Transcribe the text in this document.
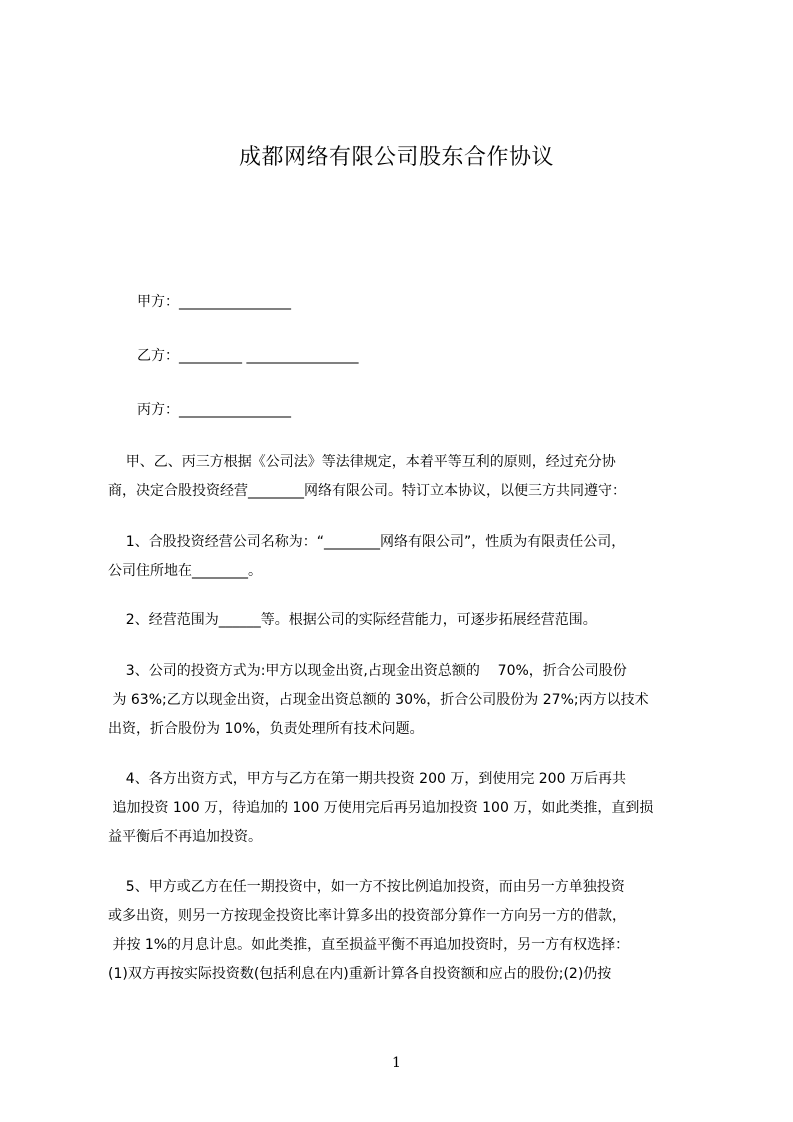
成都网络有限公司股东合作协议
甲方：________________
乙方：_________ ________________
丙方：________________
甲、乙、丙三方根据《公司法》等法律规定，本着平等互利的原则，经过充分协
商，决定合股投资经营________网络有限公司。特订立本协议，以便三方共同遵守：
1、合股投资经营公司名称为：“________网络有限公司”，性质为有限责任公司，
公司住所地在________。
2、经营范围为______等。根据公司的实际经营能力，可逐步拓展经营范围。
3、公司的投资方式为:甲方以现金出资,占现金出资总额的    70%，折合公司股份
为 63%;乙方以现金出资，占现金出资总额的 30%，折合公司股份为 27%;丙方以技术
出资，折合股份为 10%，负责处理所有技术问题。
4、各方出资方式，甲方与乙方在第一期共投资 200 万，到使用完 200 万后再共
追加投资 100 万，待追加的 100 万使用完后再另追加投资 100 万，如此类推，直到损
益平衡后不再追加投资。
5、甲方或乙方在任一期投资中，如一方不按比例追加投资，而由另一方单独投资
或多出资，则另一方按现金投资比率计算多出的投资部分算作一方向另一方的借款，
并按 1%的月息计息。如此类推，直至损益平衡不再追加投资时，另一方有权选择：
(1)双方再按实际投资数(包括利息在内)重新计算各自投资额和应占的股份;(2)仍按
1
